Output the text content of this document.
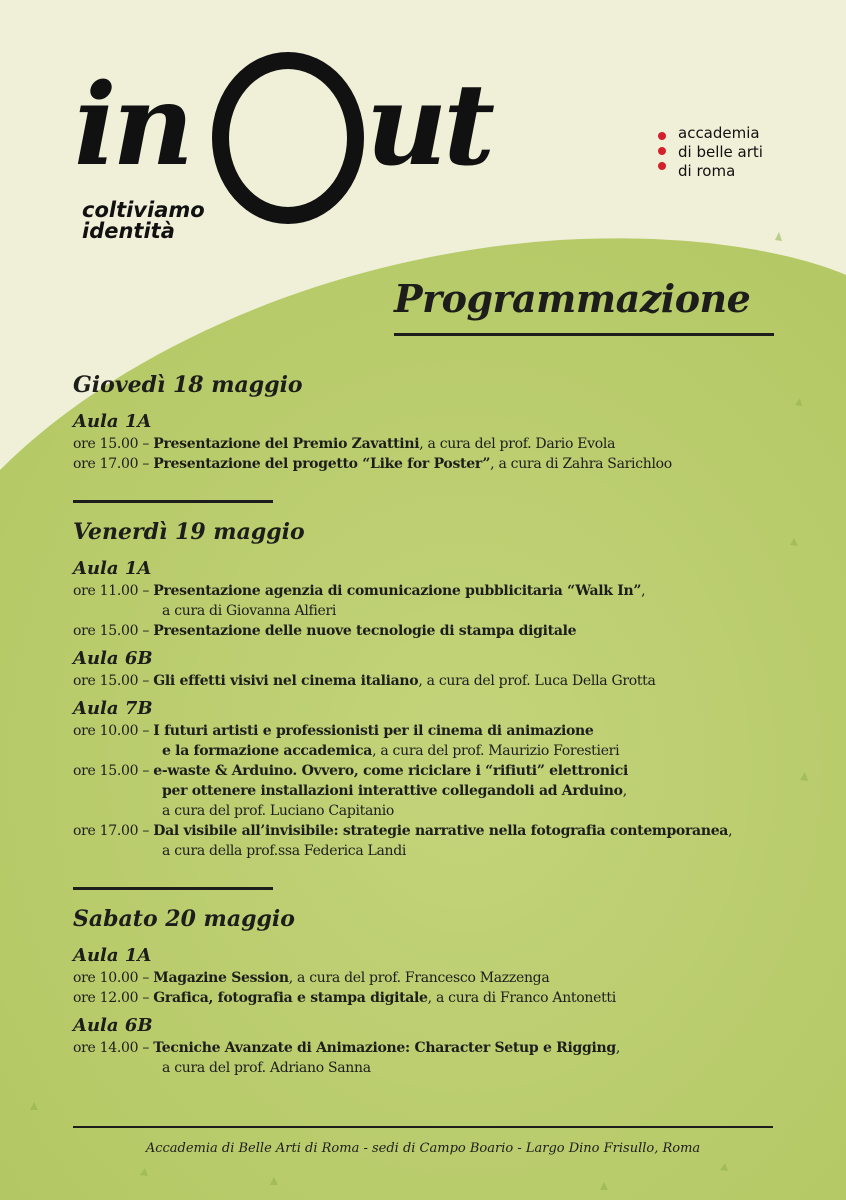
in ut
coltiviamo
identità
accademia
di belle arti
di roma
Programmazione
Giovedì 18 maggio
Aula 1A
ore 15.00 – Presentazione del Premio Zavattini, a cura del prof. Dario Evola
ore 17.00 – Presentazione del progetto “Like for Poster”, a cura di Zahra Sarichloo
Venerdì 19 maggio
Aula 1A
ore 11.00 – Presentazione agenzia di comunicazione pubblicitaria “Walk In”,
a cura di Giovanna Alfieri
ore 15.00 – Presentazione delle nuove tecnologie di stampa digitale
Aula 6B
ore 15.00 – Gli effetti visivi nel cinema italiano, a cura del prof. Luca Della Grotta
Aula 7B
ore 10.00 – I futuri artisti e professionisti per il cinema di animazione
e la formazione accademica, a cura del prof. Maurizio Forestieri
ore 15.00 – e-waste & Arduino. Ovvero, come riciclare i “rifiuti” elettronici
per ottenere installazioni interattive collegandoli ad Arduino,
a cura del prof. Luciano Capitanio
ore 17.00 – Dal visibile all’invisibile: strategie narrative nella fotografia contemporanea,
a cura della prof.ssa Federica Landi
Sabato 20 maggio
Aula 1A
ore 10.00 – Magazine Session, a cura del prof. Francesco Mazzenga
ore 12.00 – Grafica, fotografia e stampa digitale, a cura di Franco Antonetti
Aula 6B
ore 14.00 – Tecniche Avanzate di Animazione: Character Setup e Rigging,
a cura del prof. Adriano Sanna
Accademia di Belle Arti di Roma - sedi di Campo Boario - Largo Dino Frisullo, Roma
